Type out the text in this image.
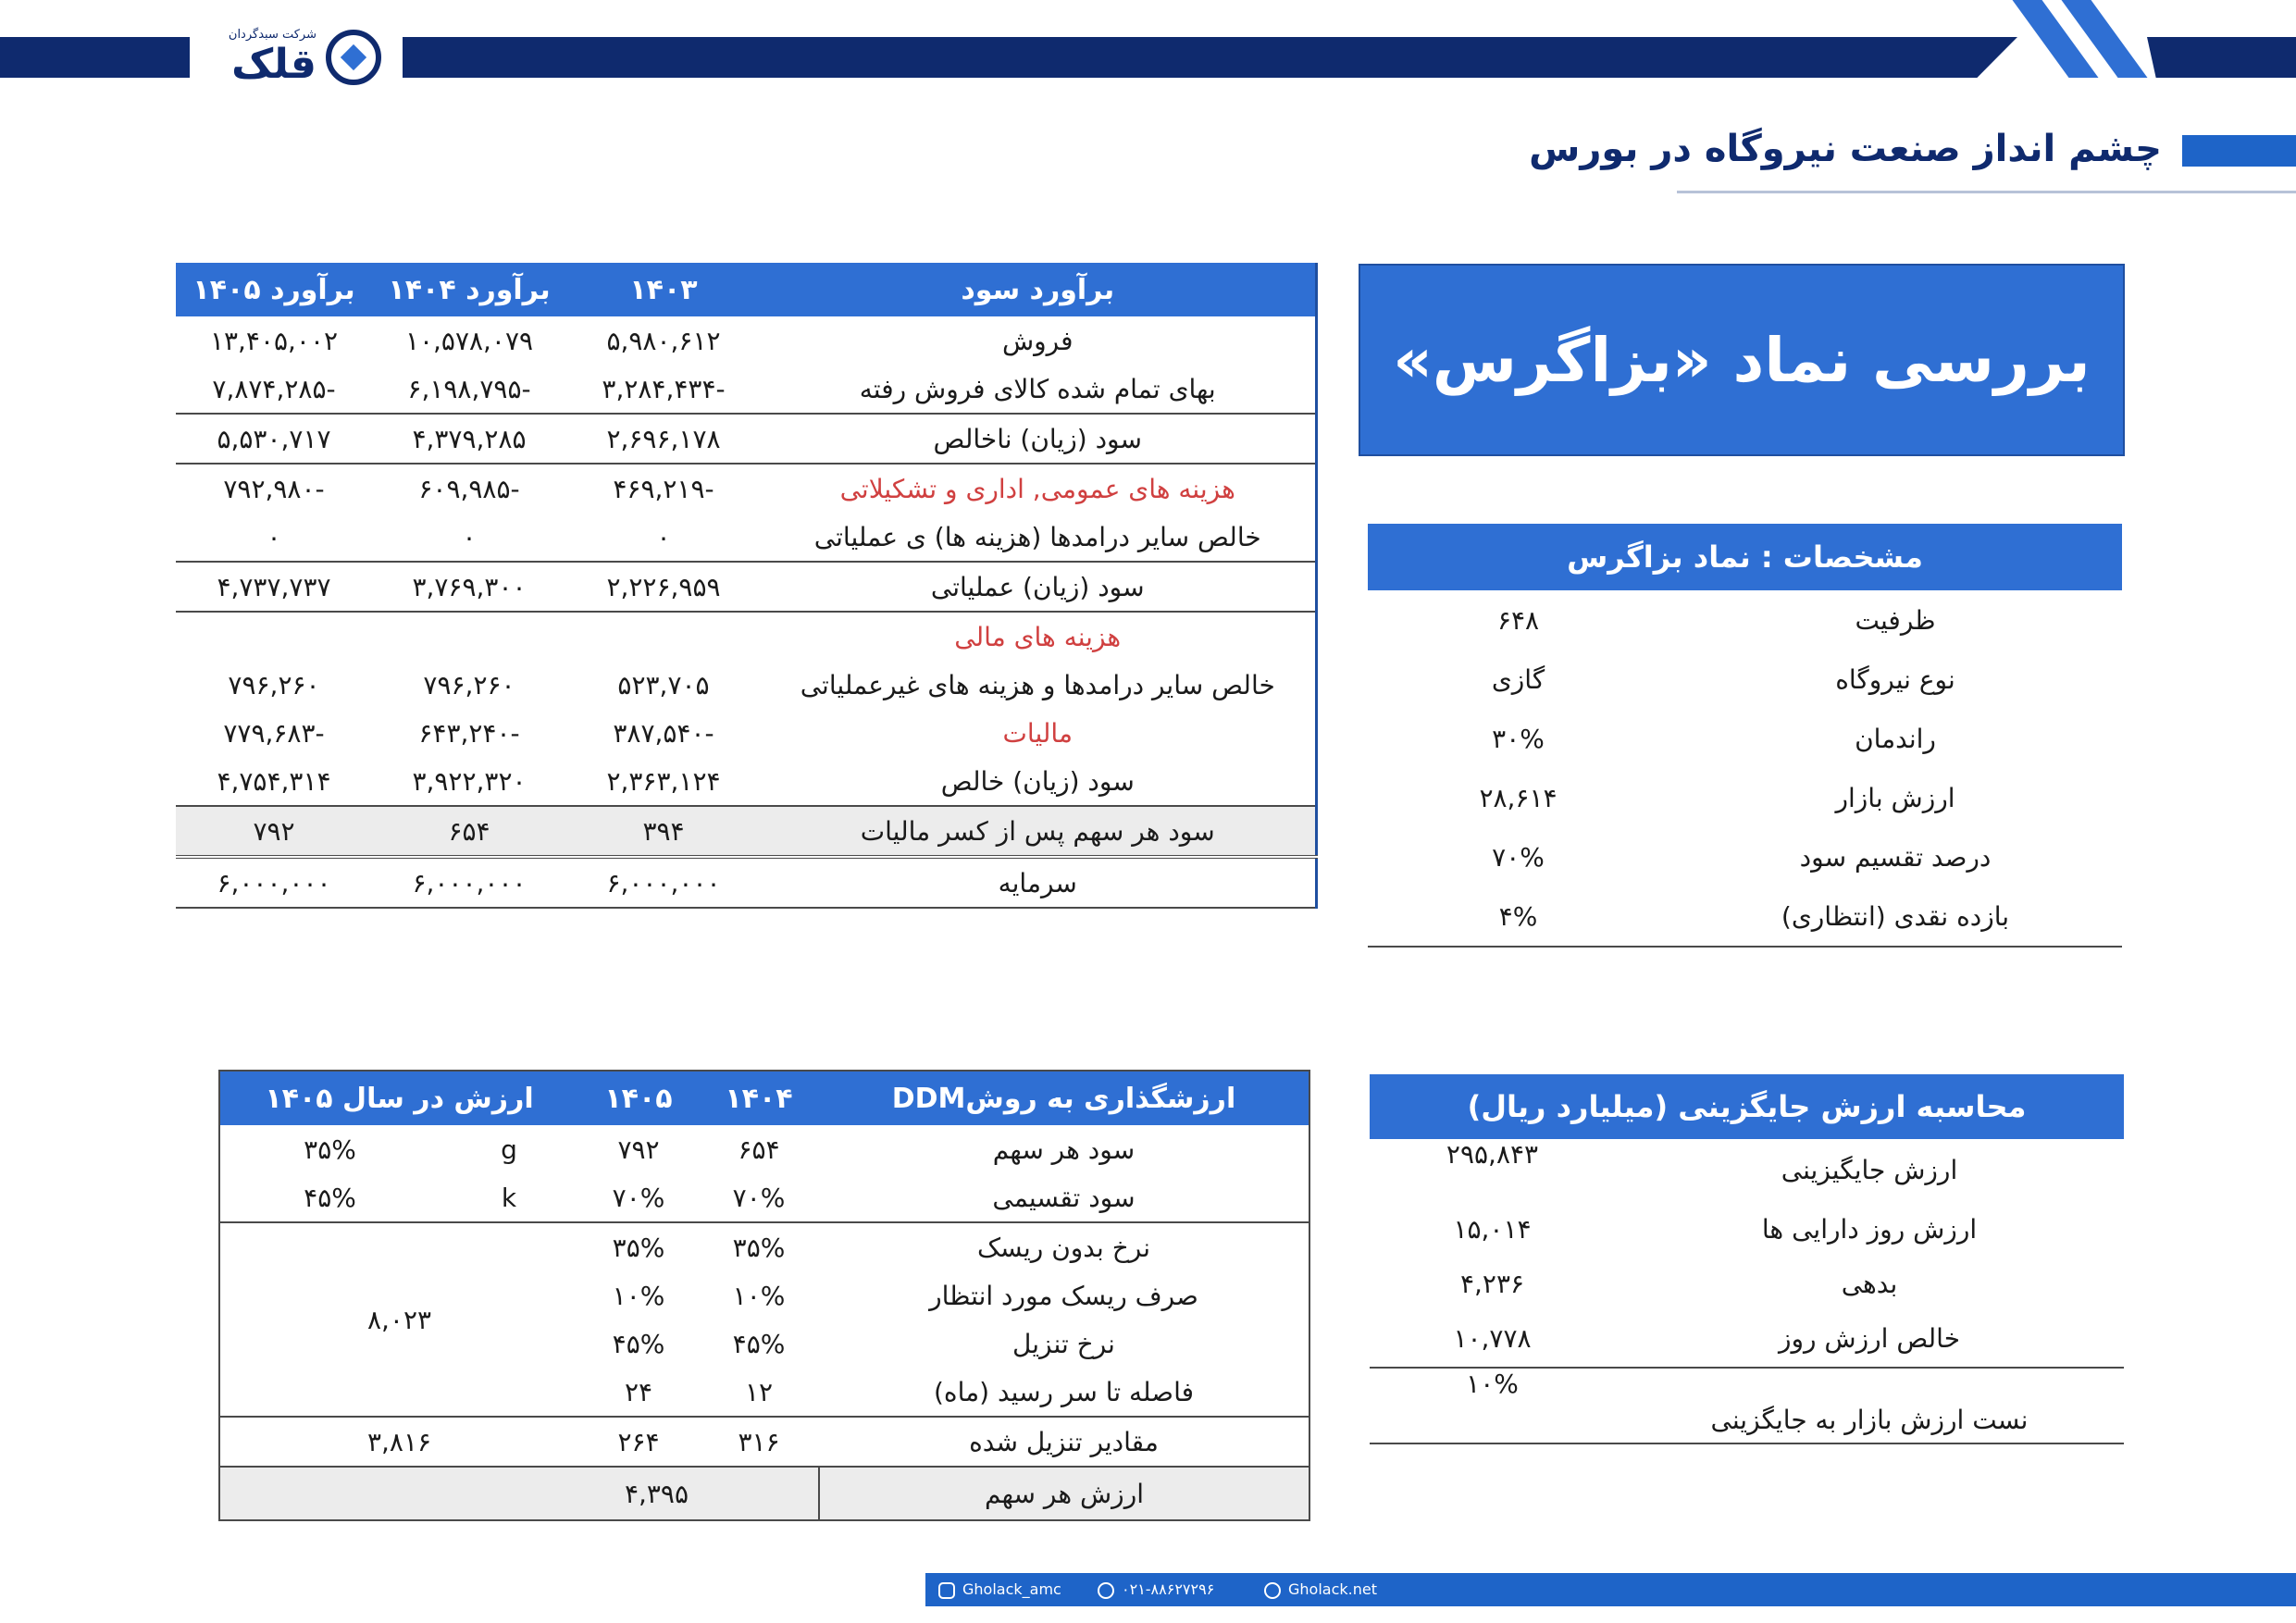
شرکت سبدگردان
قلک
چشم انداز صنعت نیروگاه در بورس
بررسی نماد «بزاگرس»
برآورد سود	۱۴۰۳	برآورد ۱۴۰۴	برآورد ۱۴۰۵
فروش	۵,۹۸۰,۶۱۲	۱۰,۵۷۸,۰۷۹	۱۳,۴۰۵,۰۰۲
بهای تمام شده کالای فروش رفته	-۳,۲۸۴,۴۳۴	-۶,۱۹۸,۷۹۵	-۷,۸۷۴,۲۸۵
سود (زیان) ناخالص	۲,۶۹۶,۱۷۸	۴,۳۷۹,۲۸۵	۵,۵۳۰,۷۱۷
هزینه های عمومی, اداری و تشکیلاتی	-۴۶۹,۲۱۹	-۶۰۹,۹۸۵	-۷۹۲,۹۸۰
خالص سایر درامدها (هزینه ها) ی عملیاتی	۰	۰	۰
سود (زیان) عملیاتی	۲,۲۲۶,۹۵۹	۳,۷۶۹,۳۰۰	۴,۷۳۷,۷۳۷
هزینه های مالی			
خالص سایر درامدها و هزینه های غیرعملیاتی	۵۲۳,۷۰۵	۷۹۶,۲۶۰	۷۹۶,۲۶۰
مالیات	-۳۸۷,۵۴۰	-۶۴۳,۲۴۰	-۷۷۹,۶۸۳
سود (زیان) خالص	۲,۳۶۳,۱۲۴	۳,۹۲۲,۳۲۰	۴,۷۵۴,۳۱۴
سود هر سهم پس از کسر مالیات	۳۹۴	۶۵۴	۷۹۲
سرمایه	۶,۰۰۰,۰۰۰	۶,۰۰۰,۰۰۰	۶,۰۰۰,۰۰۰
مشخصات : نماد بزاگرس	
ظرفیت	۶۴۸
نوع نیروگاه	گازی
راندمان	۳۰%
ارزش بازار	۲۸,۶۱۴
درصد تقسیم سود	۷۰%
بازده نقدی (انتظاری)	۴%
ارزشگذاری به روشDDM	۱۴۰۴	۱۴۰۵	ارزش در سال ۱۴۰۵	
سود هر سهم	۶۵۴	۷۹۲	g	۳۵%
سود تقسیمی	۷۰%	۷۰%	k	۴۵%
نرخ بدون ریسک	۳۵%	۳۵%	۸,۰۲۳	
صرف ریسک مورد انتظار	۱۰%	۱۰%		
نرخ تنزیل	۴۵%	۴۵%		
فاصله تا سر رسید (ماه)	۱۲	۲۴		
مقادیر تنزیل شده	۳۱۶	۲۶۴	۳,۸۱۶	
ارزش هر سهم	۴,۳۹۵			
محاسبه ارزش جایگزینی (میلیارد ریال)	
ارزش جایگیزینی	۲۹۵,۸۴۳
ارزش روز دارایی ها	۱۵,۰۱۴
بدهی	۴,۲۳۶
خالص ارزش روز	۱۰,۷۷۸
نست ارزش بازار به جایگزینی	۱۰%
Gholack_amc	۰۲۱-۸۸۶۲۷۲۹۶	Gholack.net
